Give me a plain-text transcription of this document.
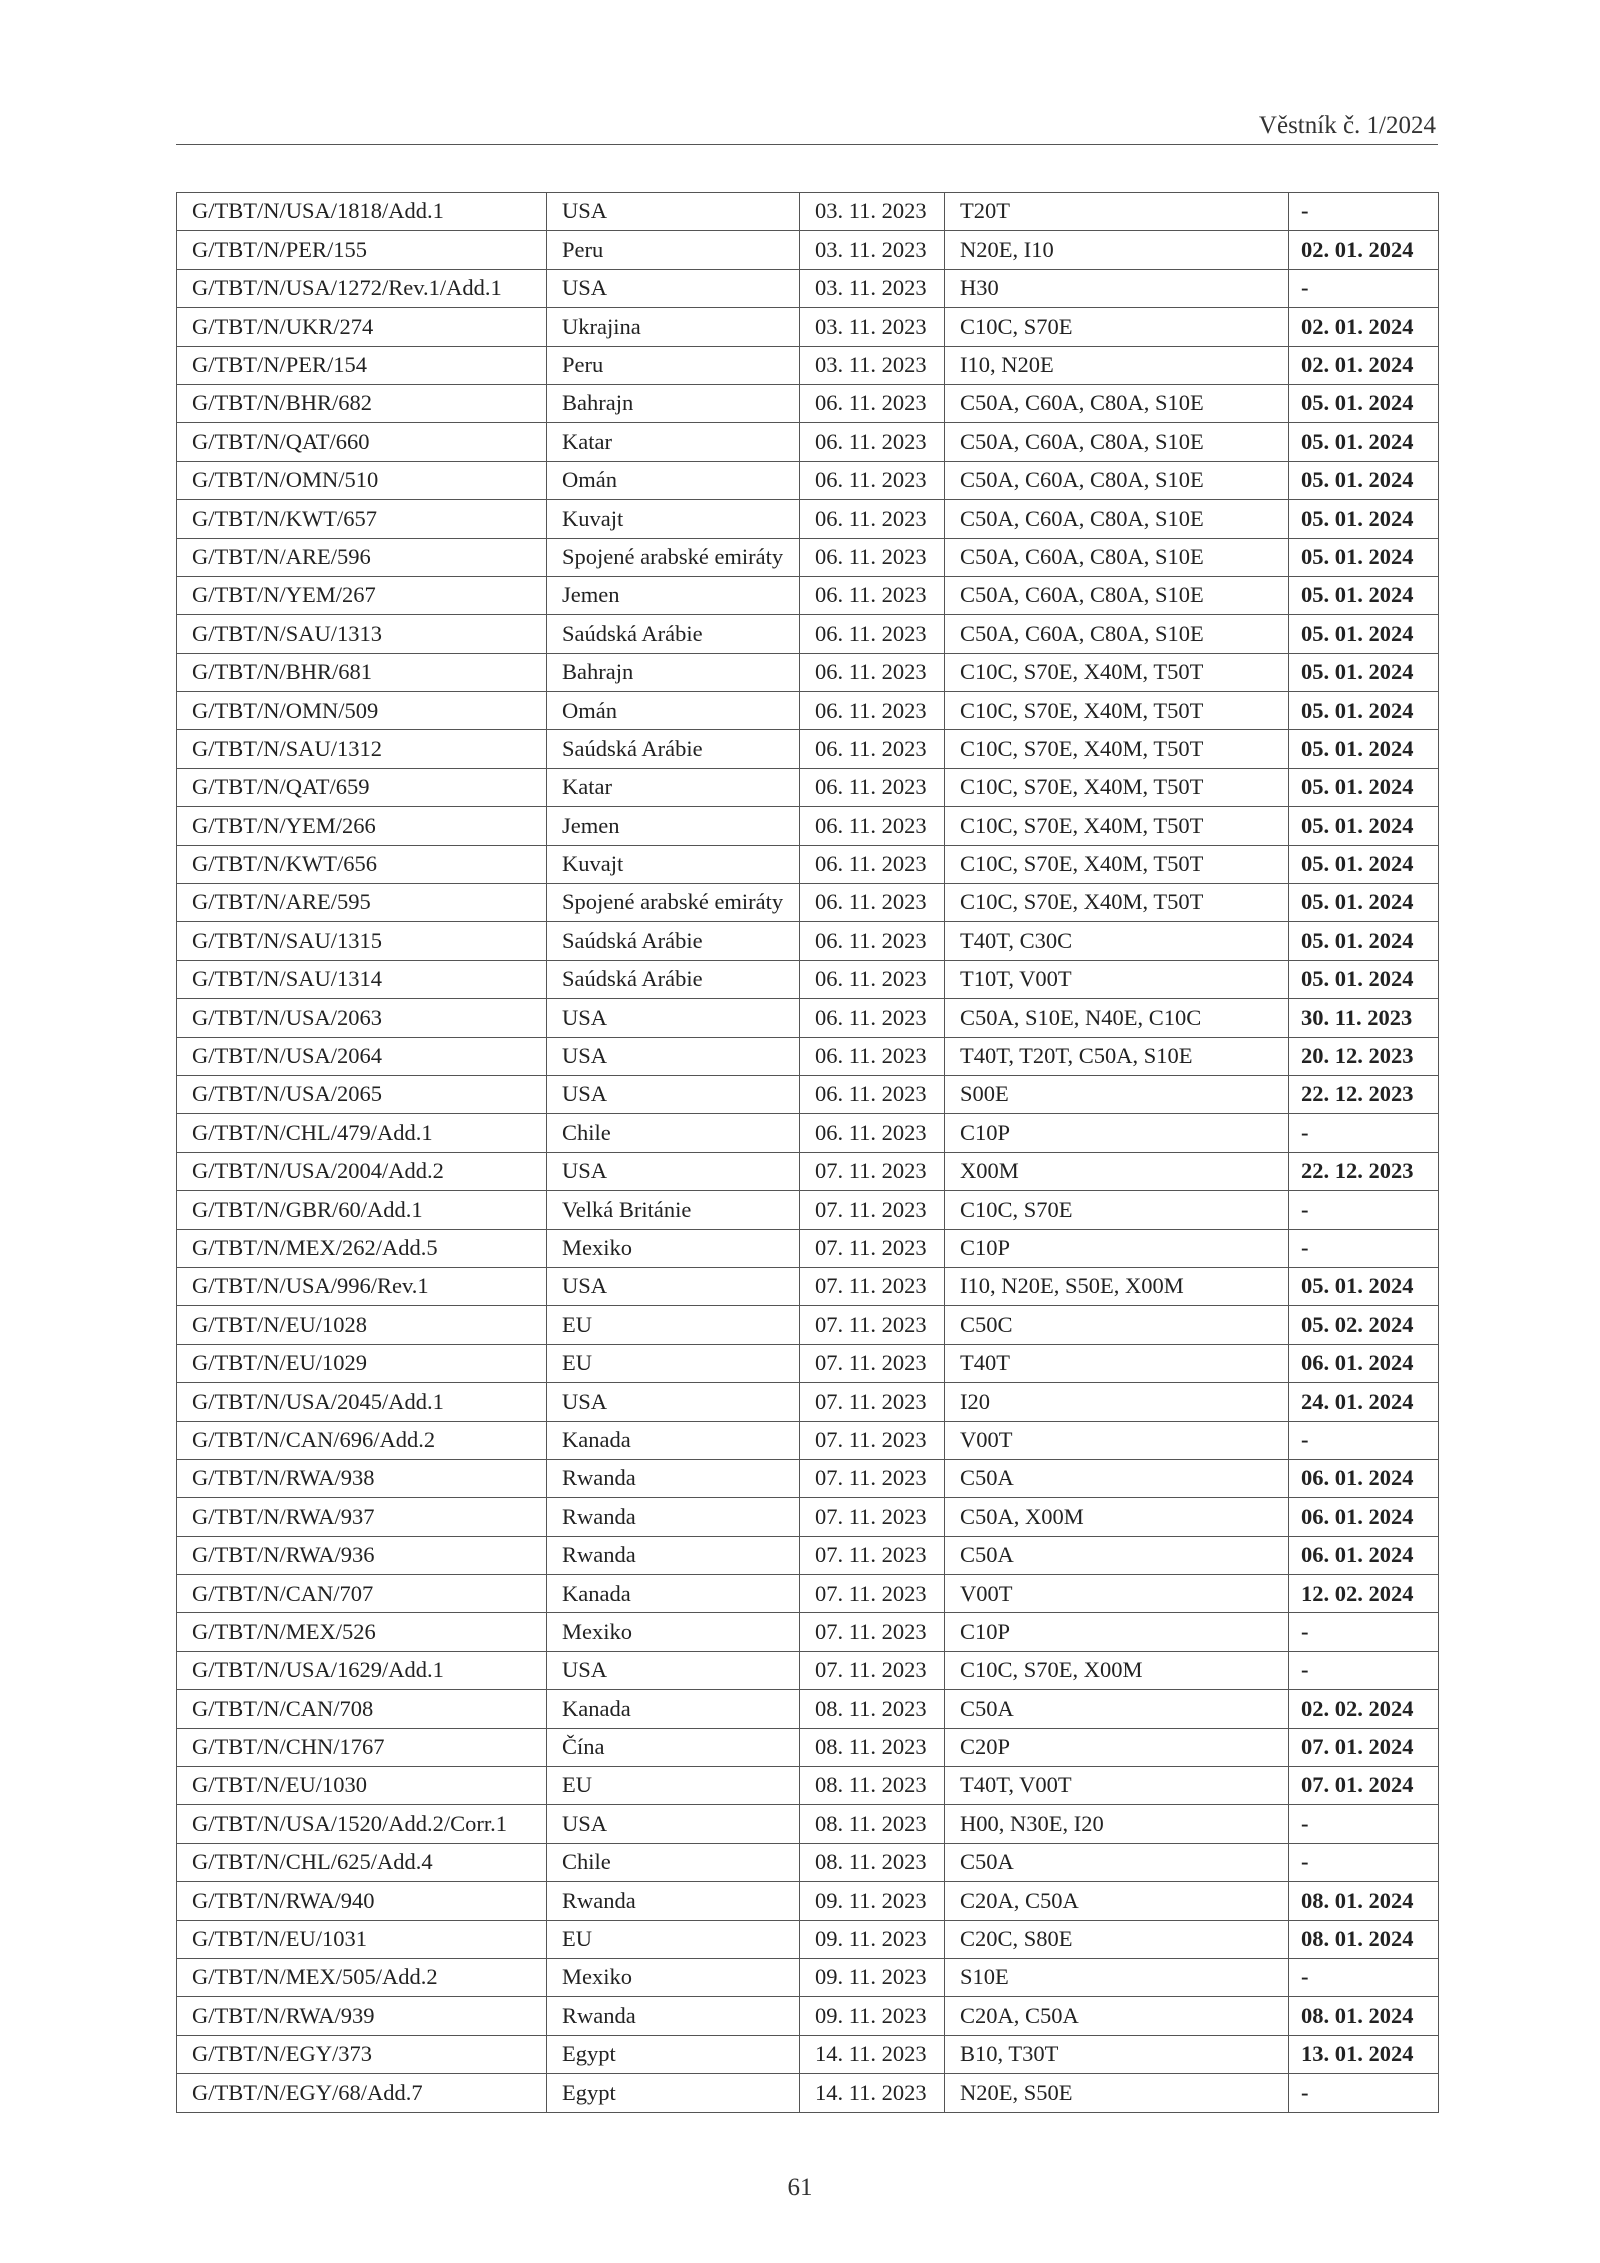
Věstník č. 1/2024
G/TBT/N/USA/1818/Add.1	USA	03. 11. 2023	T20T	-
G/TBT/N/PER/155	Peru	03. 11. 2023	N20E, I10	02. 01. 2024
G/TBT/N/USA/1272/Rev.1/Add.1	USA	03. 11. 2023	H30	-
G/TBT/N/UKR/274	Ukrajina	03. 11. 2023	C10C, S70E	02. 01. 2024
G/TBT/N/PER/154	Peru	03. 11. 2023	I10, N20E	02. 01. 2024
G/TBT/N/BHR/682	Bahrajn	06. 11. 2023	C50A, C60A, C80A, S10E	05. 01. 2024
G/TBT/N/QAT/660	Katar	06. 11. 2023	C50A, C60A, C80A, S10E	05. 01. 2024
G/TBT/N/OMN/510	Omán	06. 11. 2023	C50A, C60A, C80A, S10E	05. 01. 2024
G/TBT/N/KWT/657	Kuvajt	06. 11. 2023	C50A, C60A, C80A, S10E	05. 01. 2024
G/TBT/N/ARE/596	Spojené arabské emiráty	06. 11. 2023	C50A, C60A, C80A, S10E	05. 01. 2024
G/TBT/N/YEM/267	Jemen	06. 11. 2023	C50A, C60A, C80A, S10E	05. 01. 2024
G/TBT/N/SAU/1313	Saúdská Arábie	06. 11. 2023	C50A, C60A, C80A, S10E	05. 01. 2024
G/TBT/N/BHR/681	Bahrajn	06. 11. 2023	C10C, S70E, X40M, T50T	05. 01. 2024
G/TBT/N/OMN/509	Omán	06. 11. 2023	C10C, S70E, X40M, T50T	05. 01. 2024
G/TBT/N/SAU/1312	Saúdská Arábie	06. 11. 2023	C10C, S70E, X40M, T50T	05. 01. 2024
G/TBT/N/QAT/659	Katar	06. 11. 2023	C10C, S70E, X40M, T50T	05. 01. 2024
G/TBT/N/YEM/266	Jemen	06. 11. 2023	C10C, S70E, X40M, T50T	05. 01. 2024
G/TBT/N/KWT/656	Kuvajt	06. 11. 2023	C10C, S70E, X40M, T50T	05. 01. 2024
G/TBT/N/ARE/595	Spojené arabské emiráty	06. 11. 2023	C10C, S70E, X40M, T50T	05. 01. 2024
G/TBT/N/SAU/1315	Saúdská Arábie	06. 11. 2023	T40T, C30C	05. 01. 2024
G/TBT/N/SAU/1314	Saúdská Arábie	06. 11. 2023	T10T, V00T	05. 01. 2024
G/TBT/N/USA/2063	USA	06. 11. 2023	C50A, S10E, N40E, C10C	30. 11. 2023
G/TBT/N/USA/2064	USA	06. 11. 2023	T40T, T20T, C50A, S10E	20. 12. 2023
G/TBT/N/USA/2065	USA	06. 11. 2023	S00E	22. 12. 2023
G/TBT/N/CHL/479/Add.1	Chile	06. 11. 2023	C10P	-
G/TBT/N/USA/2004/Add.2	USA	07. 11. 2023	X00M	22. 12. 2023
G/TBT/N/GBR/60/Add.1	Velká Británie	07. 11. 2023	C10C, S70E	-
G/TBT/N/MEX/262/Add.5	Mexiko	07. 11. 2023	C10P	-
G/TBT/N/USA/996/Rev.1	USA	07. 11. 2023	I10, N20E, S50E, X00M	05. 01. 2024
G/TBT/N/EU/1028	EU	07. 11. 2023	C50C	05. 02. 2024
G/TBT/N/EU/1029	EU	07. 11. 2023	T40T	06. 01. 2024
G/TBT/N/USA/2045/Add.1	USA	07. 11. 2023	I20	24. 01. 2024
G/TBT/N/CAN/696/Add.2	Kanada	07. 11. 2023	V00T	-
G/TBT/N/RWA/938	Rwanda	07. 11. 2023	C50A	06. 01. 2024
G/TBT/N/RWA/937	Rwanda	07. 11. 2023	C50A, X00M	06. 01. 2024
G/TBT/N/RWA/936	Rwanda	07. 11. 2023	C50A	06. 01. 2024
G/TBT/N/CAN/707	Kanada	07. 11. 2023	V00T	12. 02. 2024
G/TBT/N/MEX/526	Mexiko	07. 11. 2023	C10P	-
G/TBT/N/USA/1629/Add.1	USA	07. 11. 2023	C10C, S70E, X00M	-
G/TBT/N/CAN/708	Kanada	08. 11. 2023	C50A	02. 02. 2024
G/TBT/N/CHN/1767	Čína	08. 11. 2023	C20P	07. 01. 2024
G/TBT/N/EU/1030	EU	08. 11. 2023	T40T, V00T	07. 01. 2024
G/TBT/N/USA/1520/Add.2/Corr.1	USA	08. 11. 2023	H00, N30E, I20	-
G/TBT/N/CHL/625/Add.4	Chile	08. 11. 2023	C50A	-
G/TBT/N/RWA/940	Rwanda	09. 11. 2023	C20A, C50A	08. 01. 2024
G/TBT/N/EU/1031	EU	09. 11. 2023	C20C, S80E	08. 01. 2024
G/TBT/N/MEX/505/Add.2	Mexiko	09. 11. 2023	S10E	-
G/TBT/N/RWA/939	Rwanda	09. 11. 2023	C20A, C50A	08. 01. 2024
G/TBT/N/EGY/373	Egypt	14. 11. 2023	B10, T30T	13. 01. 2024
G/TBT/N/EGY/68/Add.7	Egypt	14. 11. 2023	N20E, S50E	-
61
